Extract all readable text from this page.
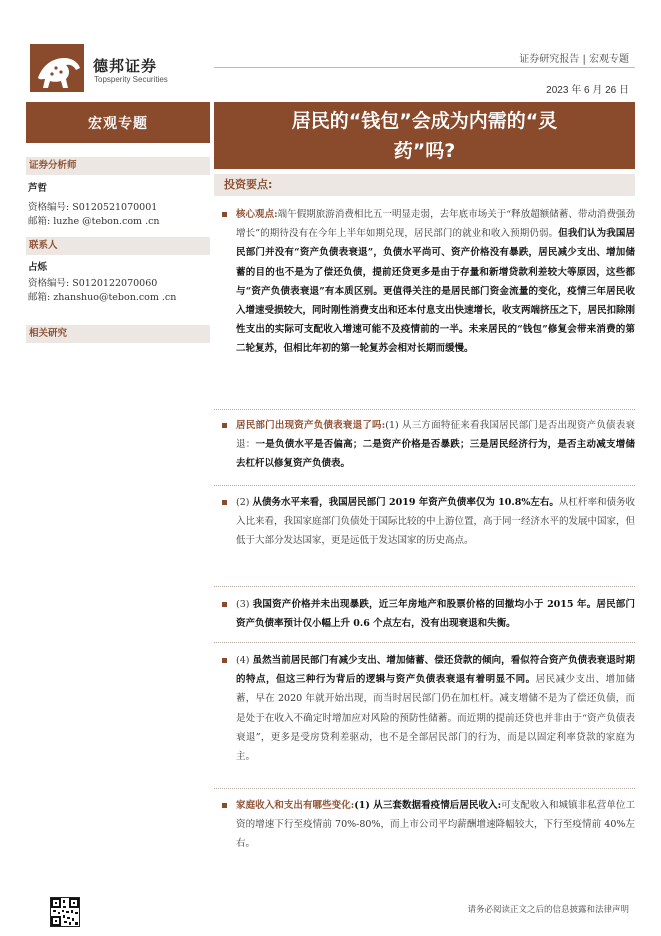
德邦证券
Topsperity Securities
证券研究报告 | 宏观专题
2023 年 6 月 26 日
宏观专题	居民的“钱包”会成为内需的“灵
药”吗?
证券分析师
芦哲
资格编号: S0120521070001
邮箱: luzhe @tebon.com .cn
联系人
占烁
资格编号: S0120122070060
邮箱: zhanshuo@tebon.com .cn
相关研究
投资要点:
核心观点:端午假期旅游消费相比五一明显走弱，去年底市场关于“释放超额储蓄、带动消费强劲增长”的期待没有在今年上半年如期兑现，居民部门的就业和收入预期仍弱。但我们认为我国居民部门并没有“资产负债表衰退”，负债水平尚可、资产价格没有暴跌，居民减少支出、增加储蓄的目的也不是为了偿还负债，提前还贷更多是由于存量和新增贷款利差较大等原因，这些都与“资产负债表衰退”有本质区别。更值得关注的是居民部门资金流量的变化，疫情三年居民收入增速受损较大，同时刚性消费支出和还本付息支出快速增长，收支两端挤压之下，居民扣除刚性支出的实际可支配收入增速可能不及疫情前的一半。未来居民的“钱包”修复会带来消费的第二轮复苏，但相比年初的第一轮复苏会相对长期而缓慢。
居民部门出现资产负债表衰退了吗:(1) 从三方面特征来看我国居民部门是否出现资产负债表衰退：一是负债水平是否偏高；二是资产价格是否暴跌；三是居民经济行为，是否主动减支增储去杠杆以修复资产负债表。
(2) 从债务水平来看，我国居民部门 2019 年资产负债率仅为 10.8%左右。从杠杆率和债务收入比来看，我国家庭部门负债处于国际比较的中上游位置，高于同一经济水平的发展中国家，但低于大部分发达国家，更是远低于发达国家的历史高点。
(3) 我国资产价格并未出现暴跌，近三年房地产和股票价格的回撤均小于 2015 年。居民部门资产负债率预计仅小幅上升 0.6 个点左右，没有出现衰退和失衡。
(4) 虽然当前居民部门有减少支出、增加储蓄、偿还贷款的倾向，看似符合资产负债表衰退时期的特点，但这三种行为背后的逻辑与资产负债表衰退有着明显不同。居民减少支出、增加储蓄，早在 2020 年就开始出现，而当时居民部门仍在加杠杆。减支增储不是为了偿还负债，而是处于在收入不确定时增加应对风险的预防性储蓄。而近期的提前还贷也并非由于“资产负债表衰退”，更多是受房贷利差驱动，也不是全部居民部门的行为，而是以固定利率贷款的家庭为主。
家庭收入和支出有哪些变化:(1) 从三套数据看疫情后居民收入:可支配收入和城镇非私营单位工资的增速下行至疫情前 70%-80%，而上市公司平均薪酬增速降幅较大，下行至疫情前 40%左右。
请务必阅读正文之后的信息披露和法律声明
